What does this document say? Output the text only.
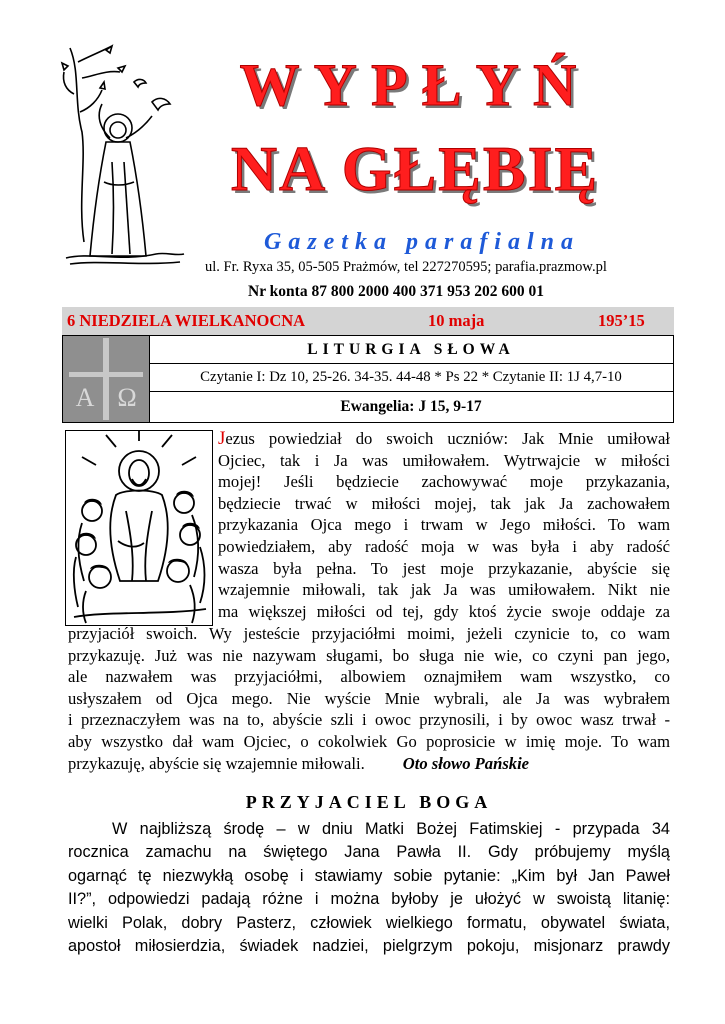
WYPŁYŃ
NA GŁĘBIĘ
Gazetka parafialna
ul. Fr. Ryxa 35, 05-505 Prażmów, tel 227270595; parafia.prazmow.pl
Nr konta 87 800 2000 400 371 953 202 600 01
6 NIEDZIELA WIELKANOCNA	10 maja	195’15
A Ω
LITURGIA SŁOWA
Czytanie I: Dz 10, 25-26. 34-35. 44-48 * Ps 22 * Czytanie II: 1J 4,7-10
Ewangelia: J 15, 9-17

Jezus powiedział do swoich uczniów: Jak Mnie umiłował

Ojciec, tak i Ja was umiłowałem. Wytrwajcie w miłości

mojej! Jeśli będziecie zachowywać moje przykazania,

będziecie trwać w miłości mojej, tak jak Ja zachowałem

przykazania Ojca mego i trwam w Jego miłości. To wam

powiedziałem, aby radość moja w was była i aby radość

wasza była pełna. To jest moje przykazanie, abyście się

wzajemnie miłowali, tak jak Ja was umiłowałem. Nikt nie

ma większej miłości od tej, gdy ktoś życie swoje oddaje za

przyjaciół swoich. Wy jesteście przyjaciółmi moimi, jeżeli czynicie to, co wam

przykazuję. Już was nie nazywam sługami, bo sługa nie wie, co czyni pan jego,

ale nazwałem was przyjaciółmi, albowiem oznajmiłem wam wszystko, co

usłyszałem od Ojca mego. Nie wyście Mnie wybrali, ale Ja was wybrałem

i przeznaczyłem was na to, abyście szli i owoc przynosili, i by owoc wasz trwał -

aby wszystko dał wam Ojciec, o cokolwiek Go poprosicie w imię moje. To wam

przykazuję, abyście się wzajemnie miłowali. Oto słowo Pańskie

PRZYJACIEL BOGA

W najbliższą środę – w dniu Matki Bożej Fatimskiej - przypada 34

rocznica zamachu na świętego Jana Pawła II. Gdy próbujemy myślą

ogarnąć tę niezwykłą osobę i stawiamy sobie pytanie: „Kim był Jan Paweł

II?”, odpowiedzi padają różne i można byłoby je ułożyć w swoistą litanię:

wielki Polak, dobry Pasterz, człowiek wielkiego formatu, obywatel świata,

apostoł miłosierdzia, świadek nadziei, pielgrzym pokoju, misjonarz prawdy
